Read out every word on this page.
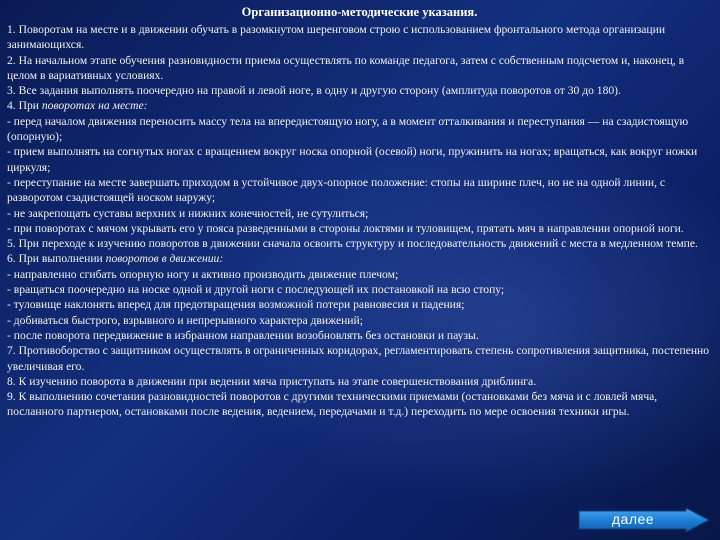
Организационно-методические указания.

1. Поворотам на месте и в движении обучать в разомкнутом шеренговом строю с использованием фронтального метода организации занимающихся.

2. На начальном этапе обучения разновидности приема осуществлять по команде педагога, затем с собственным подсчетом и, наконец, в целом в вариативных условиях.

3. Все задания выполнять поочередно на правой и левой ноге, в одну и другую сторону (амплитуда поворотов от 30 до 180).

4. При поворотах на месте:

- перед началом движения переносить массу тела на впередистоящую ногу, а в момент отталкивания и переступания — на сзадистоящую (опорную);

- прием выполнять на согнутых ногах с вращением вокруг носка опорной (осевой) ноги, пружинить на ногах; вращаться, как вокруг ножки циркуля;

- переступание на месте завершать приходом в устойчивое двух-опорное положение: стопы на ширине плеч, но не на одной линии, с разворотом сзадистоящей носком наружу;

- не закрепощать суставы верхних и нижних конечностей, не сутулиться;

- при поворотах с мячом укрывать его у пояса разведенными в стороны локтями и туловищем, прятать мяч в направлении опорной ноги.

5. При переходе к изучению поворотов в движении сначала освоить структуру и последовательность движений с места в медленном темпе.

6. При выполнении поворотов в движении:

- направленно сгибать опорную ногу и активно производить движение плечом;

- вращаться поочередно на носке одной и другой ноги с последующей их постановкой на всю стопу;

- туловище наклонять вперед для предотвращения возможной потери равновесия и падения;

- добиваться быстрого, взрывного и непрерывного характера движений;

- после поворота передвижение в избранном направлении возобновлять без остановки и паузы.

7. Противоборство с защитником осуществлять в ограниченных коридорах, регламентировать степень сопротивления защитника, постепенно увеличивая его.

8. К изучению поворота в движении при ведении мяча приступать на этапе совершенствования дриблинга.

9. К выполнению сочетания разновидностей поворотов с другими техническими приемами (остановками без мяча и с ловлей мяча, посланного партнером, остановками после ведения, ведением, передачами и т.д.) переходить по мере освоения техники игры.

далее
